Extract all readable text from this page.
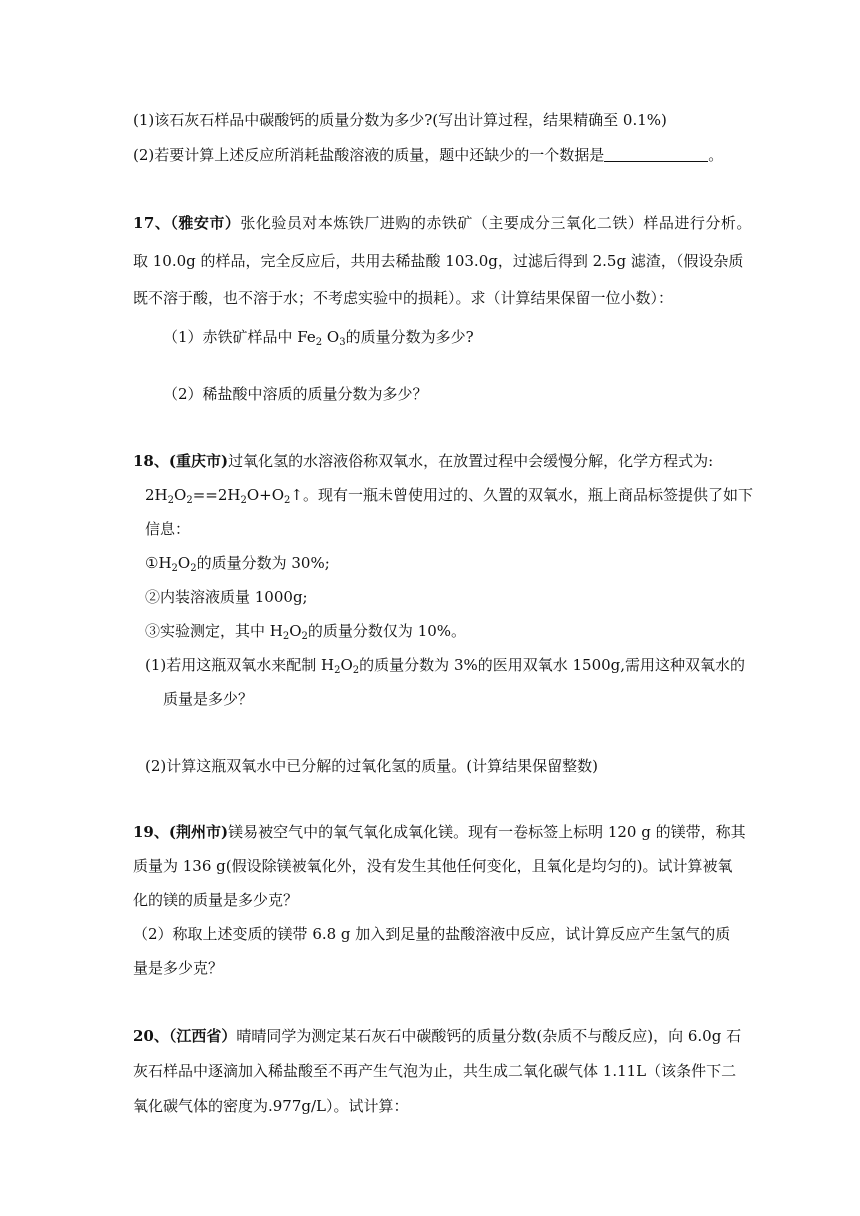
(1)该石灰石样品中碳酸钙的质量分数为多少?(写出计算过程，结果精确至 0.1%)
(2)若要计算上述反应所消耗盐酸溶液的质量，题中还缺少的一个数据是	。
17、（雅安市）张化验员对本炼铁厂进购的赤铁矿（主要成分三氧化二铁）样品进行分析。
取 10.0g 的样品，完全反应后，共用去稀盐酸 103.0g，过滤后得到 2.5g 滤渣，（假设杂质
既不溶于酸，也不溶于水；不考虑实验中的损耗）。求（计算结果保留一位小数）：
（1）赤铁矿样品中 $Fe_2$ $O_3$的质量分数为多少?
（2）稀盐酸中溶质的质量分数为多少？
18、(重庆市)过氧化氢的水溶液俗称双氧水，在放置过程中会缓慢分解，化学方程式为:
$2H_2O_2==2H_2O+O_2↑$。现有一瓶未曾使用过的、久置的双氧水，瓶上商品标签提供了如下
信息：
$①H_2O_2$的质量分数为 30%;
②内装溶液质量 1000g;
③实验测定，其中 $H_2O_2$的质量分数仅为 10%。
(1)若用这瓶双氧水来配制 $H_2O_2$的质量分数为 3%的医用双氧水 1500g,需用这种双氧水的
质量是多少？
(2)计算这瓶双氧水中已分解的过氧化氢的质量。(计算结果保留整数)
19、(荆州市)镁易被空气中的氧气氧化成氧化镁。现有一卷标签上标明 120 g 的镁带，称其
质量为 136 g(假设除镁被氧化外，没有发生其他任何变化，且氧化是均匀的)。试计算被氧
化的镁的质量是多少克？
（2）称取上述变质的镁带 6.8 g 加入到足量的盐酸溶液中反应，试计算反应产生氢气的质
量是多少克？
20、（江西省）晴晴同学为测定某石灰石中碳酸钙的质量分数(杂质不与酸反应)，向 6.0g 石
灰石样品中逐滴加入稀盐酸至不再产生气泡为止，共生成二氧化碳气体 1.11L（该条件下二
氧化碳气体的密度为.977g/L）。试计算：
